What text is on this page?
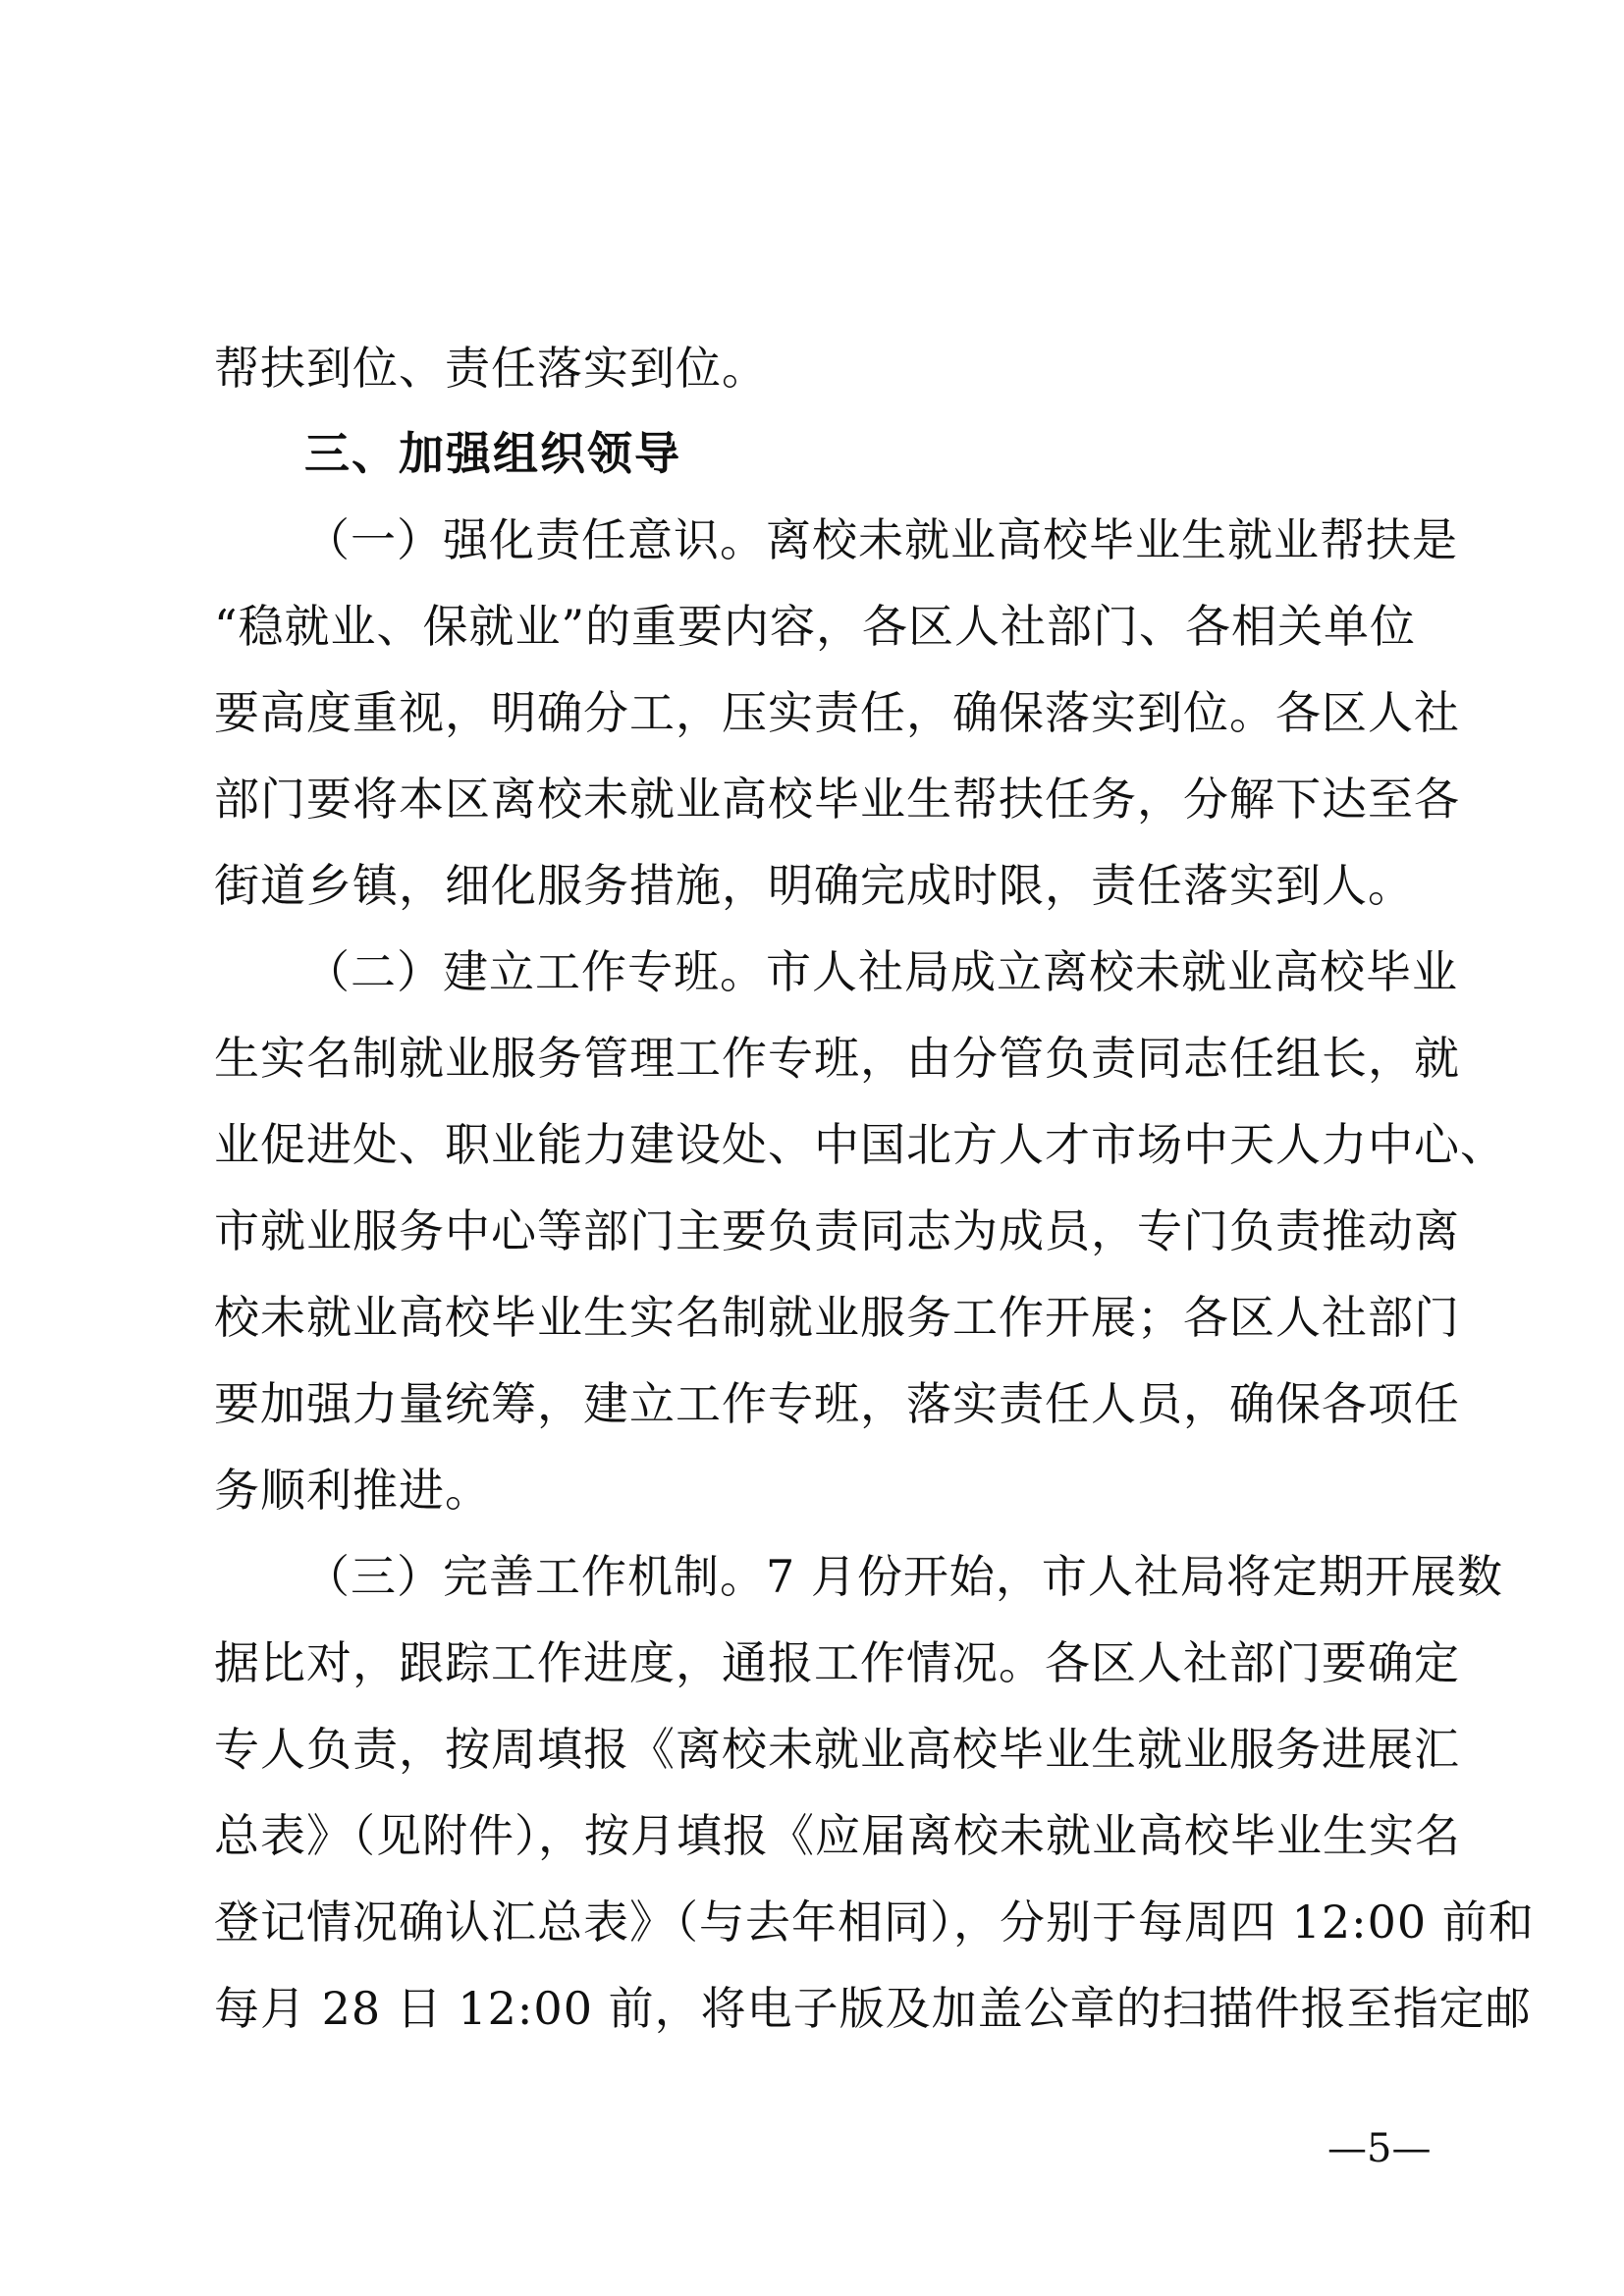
帮扶到位、责任落实到位。
三、加强组织领导
（一）强化责任意识。离校未就业高校毕业生就业帮扶是
“稳就业、保就业”的重要内容，各区人社部门、各相关单位
要高度重视，明确分工，压实责任，确保落实到位。各区人社
部门要将本区离校未就业高校毕业生帮扶任务，分解下达至各
街道乡镇，细化服务措施，明确完成时限，责任落实到人。
（二）建立工作专班。市人社局成立离校未就业高校毕业
生实名制就业服务管理工作专班，由分管负责同志任组长，就
业促进处、职业能力建设处、中国北方人才市场中天人力中心、
市就业服务中心等部门主要负责同志为成员，专门负责推动离
校未就业高校毕业生实名制就业服务工作开展；各区人社部门
要加强力量统筹，建立工作专班，落实责任人员，确保各项任
务顺利推进。
（三）完善工作机制。7 月份开始，市人社局将定期开展数
据比对，跟踪工作进度，通报工作情况。各区人社部门要确定
专人负责，按周填报《离校未就业高校毕业生就业服务进展汇
总表》（见附件），按月填报《应届离校未就业高校毕业生实名
登记情况确认汇总表》（与去年相同），分别于每周四 12:00 前和
每月 28 日 12:00 前，将电子版及加盖公章的扫描件报至指定邮
—5—
